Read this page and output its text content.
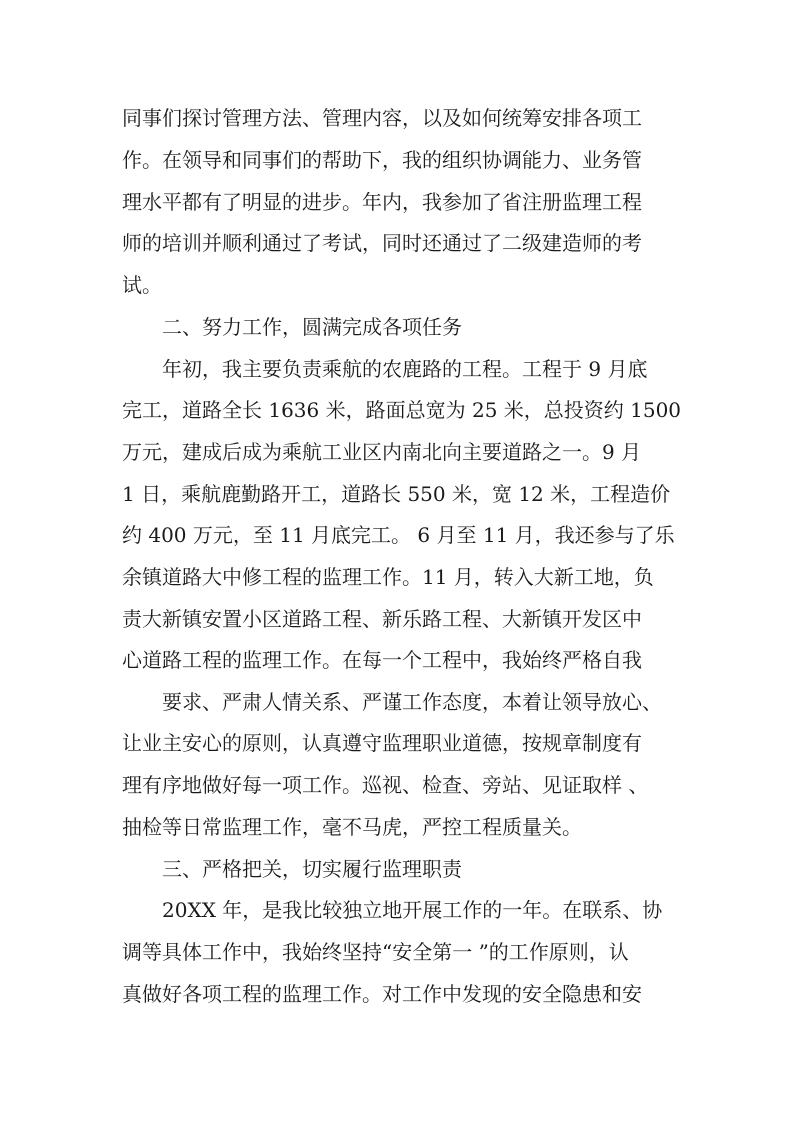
同事们探讨管理方法、管理内容，以及如何统筹安排各项工
作。在领导和同事们的帮助下，我的组织协调能力、业务管
理水平都有了明显的进步。年内，我参加了省注册监理工程
师的培训并顺利通过了考试，同时还通过了二级建造师的考
试。
二、努力工作，圆满完成各项任务
年初，我主要负责乘航的农鹿路的工程。工程于 9 月底
完工，道路全长 1636 米，路面总宽为 25 米，总投资约 1500
万元，建成后成为乘航工业区内南北向主要道路之一。9 月
1 日，乘航鹿勤路开工，道路长 550 米，宽 12 米，工程造价
约 400 万元，至 11 月底完工。 6 月至 11 月，我还参与了乐
余镇道路大中修工程的监理工作。11 月，转入大新工地，负
责大新镇安置小区道路工程、新乐路工程、大新镇开发区中
心道路工程的监理工作。在每一个工程中，我始终严格自我
要求、严肃人情关系、严谨工作态度，本着让领导放心、
让业主安心的原则，认真遵守监理职业道德，按规章制度有
理有序地做好每一项工作。巡视、检查、旁站、见证取样 、
抽检等日常监理工作，毫不马虎，严控工程质量关。
三、严格把关，切实履行监理职责
20XX 年，是我比较独立地开展工作的一年。在联系、协
调等具体工作中，我始终坚持“安全第一 ”的工作原则，认
真做好各项工程的监理工作。对工作中发现的安全隐患和安
